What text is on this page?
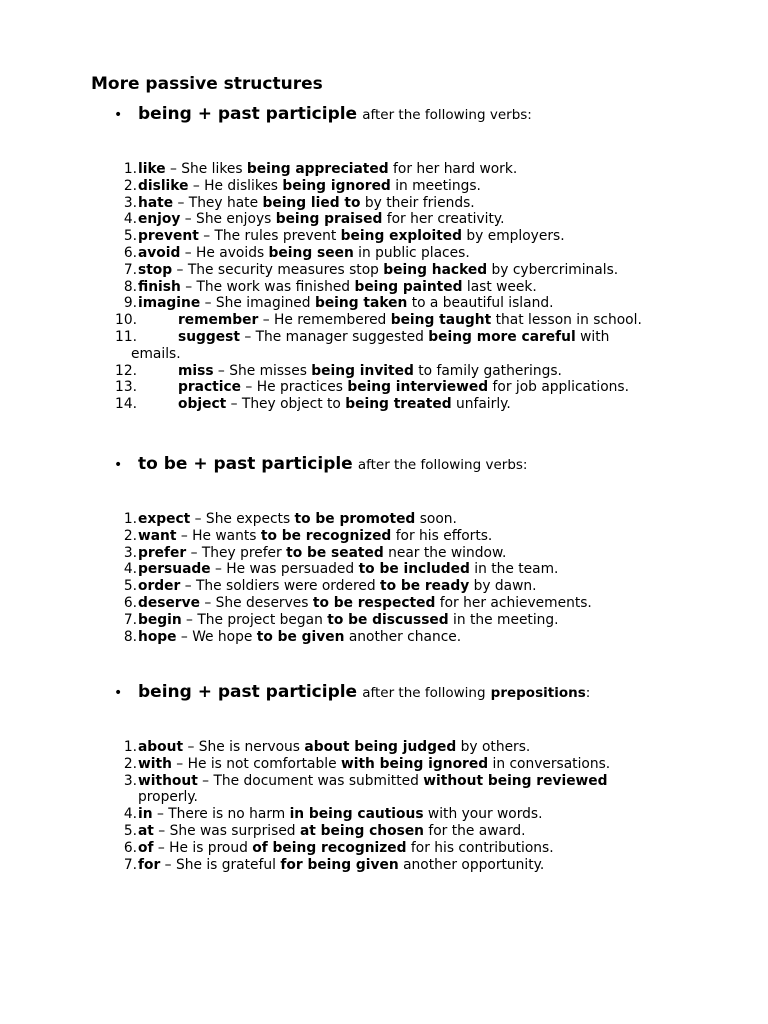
More passive structures
• being + past participle
after the following verbs:
1. like – She likes being appreciated for her hard work.
2. dislike – He dislikes being ignored in meetings.
3. hate – They hate being lied to by their friends.
4. enjoy – She enjoys being praised for her creativity.
5. prevent – The rules prevent being exploited by employers.
6. avoid – He avoids being seen in public places.
7. stop – The security measures stop being hacked by cybercriminals.
8. finish – The work was finished being painted last week.
9. imagine – She imagined being taken to a beautiful island.
10.	remember – He remembered being taught that lesson in school.
11.	suggest – The manager suggested being more careful with
emails.
12.	miss – She misses being invited to family gatherings.
13.	practice – He practices being interviewed for job applications.
14.	object – They object to being treated unfairly.
• to be + past participle
after the following verbs:
1. expect – She expects to be promoted soon.
2. want – He wants to be recognized for his efforts.
3. prefer – They prefer to be seated near the window.
4. persuade – He was persuaded to be included in the team.
5. order – The soldiers were ordered to be ready by dawn.
6. deserve – She deserves to be respected for her achievements.
7. begin – The project began to be discussed in the meeting.
8. hope – We hope to be given another chance.
• being + past participle
after the following
prepositions :
1. about – She is nervous about being judged by others.
2. with – He is not comfortable with being ignored in conversations.
3. without – The document was submitted without being reviewed
properly.
4. in – There is no harm in being cautious with your words.
5. at – She was surprised at being chosen for the award.
6. of – He is proud of being recognized for his contributions.
7. for – She is grateful for being given another opportunity.
